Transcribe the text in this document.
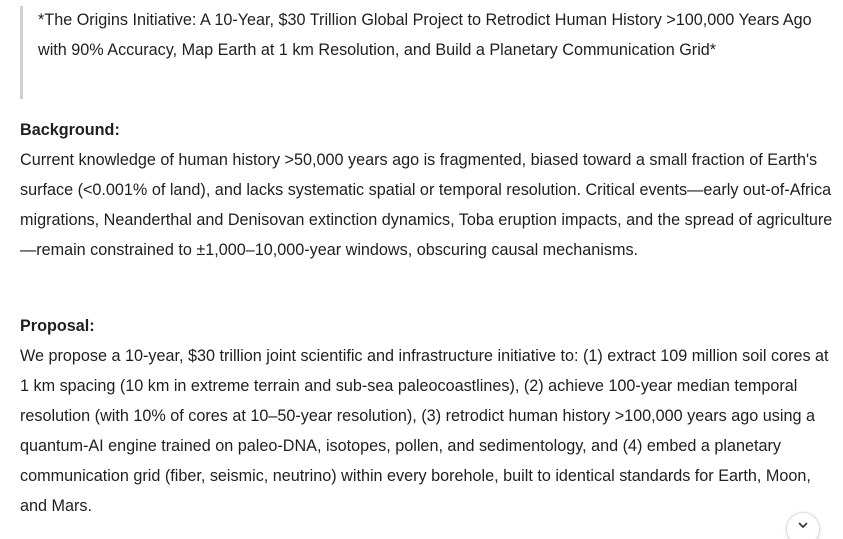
*The Origins Initiative: A 10-Year, $30 Trillion Global Project to Retrodict Human History >100,000 Years Ago with 90% Accuracy, Map Earth at 1 km Resolution, and Build a Planetary Communication Grid*
Background:
Current knowledge of human history >50,000 years ago is fragmented, biased toward a small fraction of Earth's surface (<0.001% of land), and lacks systematic spatial or temporal resolution. Critical events—early out-of-Africa migrations, Neanderthal and Denisovan extinction dynamics, Toba eruption impacts, and the spread of agriculture—remain constrained to ±1,000–10,000-year windows, obscuring causal mechanisms.
Proposal:
We propose a 10-year, $30 trillion joint scientific and infrastructure initiative to: (1) extract 109 million soil cores at 1 km spacing (10 km in extreme terrain and sub-sea paleocoastlines), (2) achieve 100-year median temporal resolution (with 10% of cores at 10–50-year resolution), (3) retrodict human history >100,000 years ago using a quantum-AI engine trained on paleo-DNA, isotopes, pollen, and sedimentology, and (4) embed a planetary communication grid (fiber, seismic, neutrino) within every borehole, built to identical standards for Earth, Moon, and Mars.
